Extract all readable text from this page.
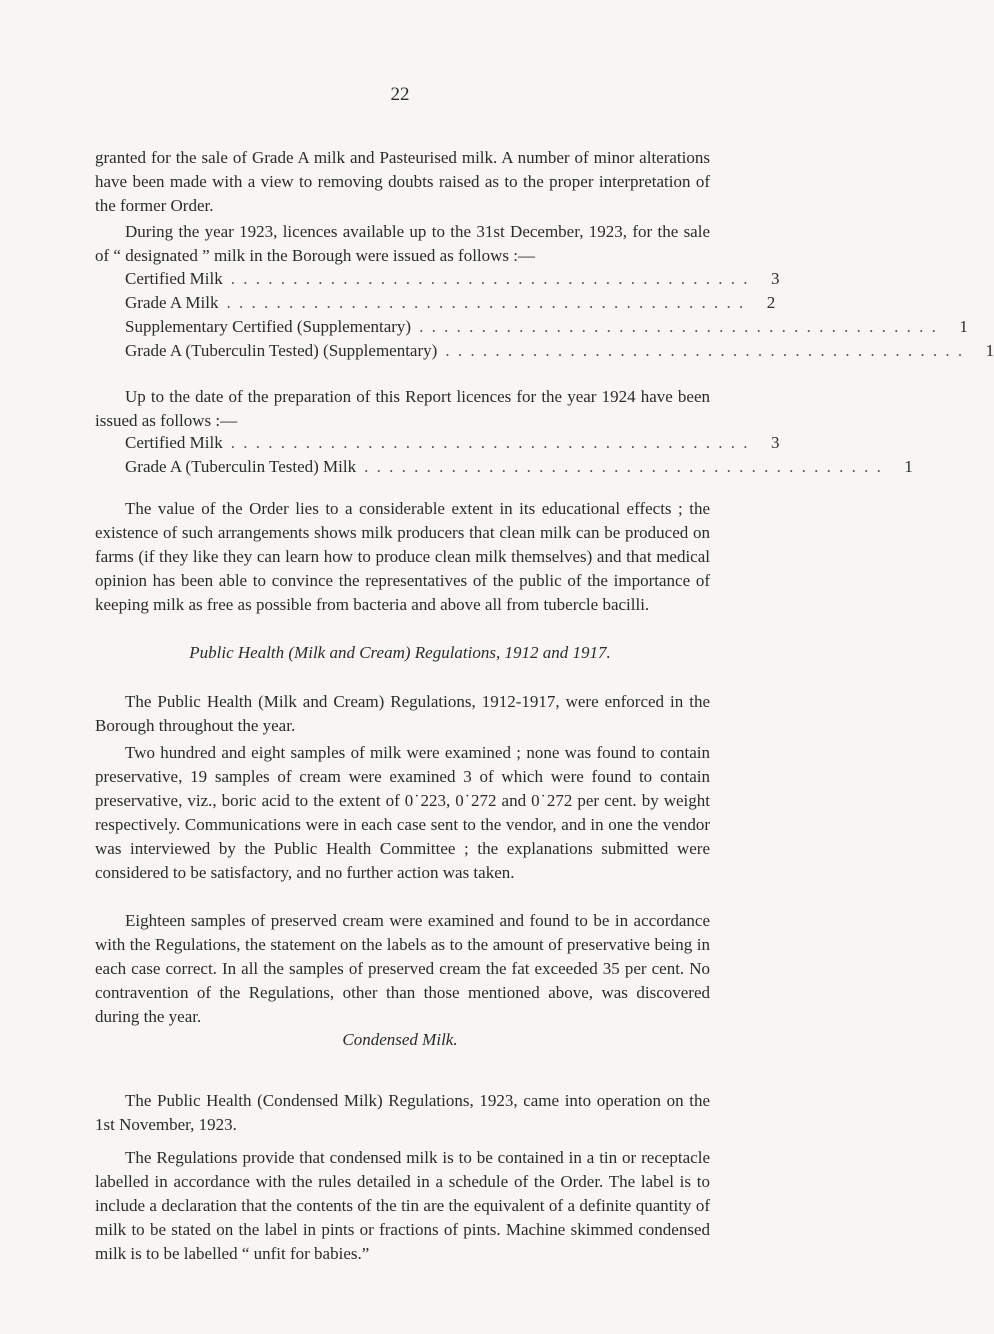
22

granted for the sale of Grade A milk and Pasteurised milk. A number of minor alterations have been made with a view to removing doubts raised as to the proper interpretation of the former Order.

During the year 1923, licences available up to the 31st December, 1923, for the sale of “ designated ” milk in the Borough were issued as follows :—

Certified Milk . . . . . . . . . . . . . . . . . . . . . . . . . . . . . . . . . . . . . . . . . .	3
Grade A Milk . . . . . . . . . . . . . . . . . . . . . . . . . . . . . . . . . . . . . . . . . .	2
Supplementary Certified (Supplementary) . . . . . . . . . . . . . . . . . . . . . . . . . . . . . . . . . . . . . . . . . .	1
Grade A (Tuberculin Tested) (Supplementary) . . . . . . . . . . . . . . . . . . . . . . . . . . . . . . . . . . . . . . . . . .	1

Up to the date of the preparation of this Report licences for the year 1924 have been issued as follows :—

Certified Milk . . . . . . . . . . . . . . . . . . . . . . . . . . . . . . . . . . . . . . . . . .	3
Grade A (Tuberculin Tested) Milk . . . . . . . . . . . . . . . . . . . . . . . . . . . . . . . . . . . . . . . . . .	1

The value of the Order lies to a considerable extent in its educational effects ; the existence of such arrangements shows milk producers that clean milk can be produced on farms (if they like they can learn how to produce clean milk themselves) and that medical opinion has been able to convince the representatives of the public of the importance of keeping milk as free as possible from bacteria and above all from tubercle bacilli.

Public Health (Milk and Cream) Regulations, 1912 and 1917.

The Public Health (Milk and Cream) Regulations, 1912-1917, were enforced in the Borough throughout the year.

Two hundred and eight samples of milk were examined ; none was found to contain preservative, 19 samples of cream were examined 3 of which were found to contain preservative, viz., boric acid to the extent of 0˙223, 0˙272 and 0˙272 per cent. by weight respectively. Communications were in each case sent to the vendor, and in one the vendor was interviewed by the Public Health Committee ; the explanations submitted were considered to be satisfactory, and no further action was taken.

Eighteen samples of preserved cream were examined and found to be in accordance with the Regulations, the statement on the labels as to the amount of preservative being in each case correct. In all the samples of preserved cream the fat exceeded 35 per cent. No contravention of the Regulations, other than those mentioned above, was discovered during the year.

Condensed Milk.

The Public Health (Condensed Milk) Regulations, 1923, came into operation on the 1st November, 1923.

The Regulations provide that condensed milk is to be contained in a tin or receptacle labelled in accordance with the rules detailed in a schedule of the Order. The label is to include a declaration that the contents of the tin are the equivalent of a definite quantity of milk to be stated on the label in pints or fractions of pints. Machine skimmed condensed milk is to be labelled “ unfit for babies.”
